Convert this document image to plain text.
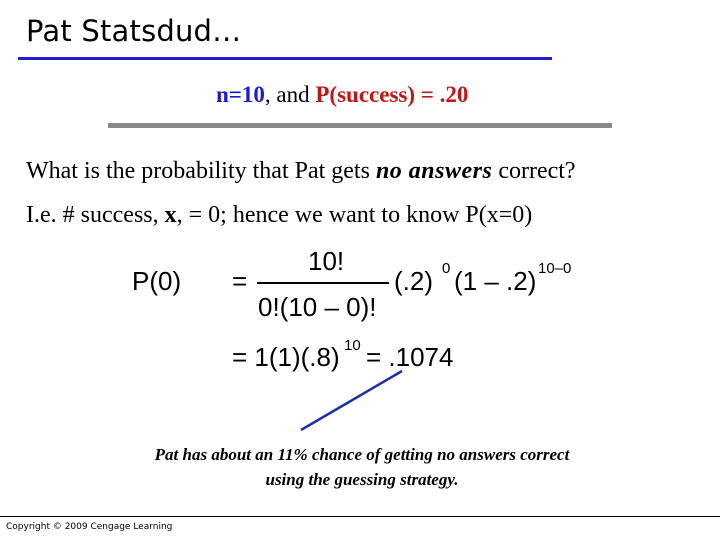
Pat Statsdud…
n=10, and P(success) = .20
What is the probability that Pat gets no answers correct?
I.e. # success, x, = 0; hence we want to know P(x=0)
P(0) =
10!
0!(10 – 0)!
(.2) 0 (1 – .2) 10–0
= 1(1)(.8) 10 = .1074
Pat has about an 11% chance of getting no answers correct
using the guessing strategy.
Copyright © 2009 Cengage Learning
